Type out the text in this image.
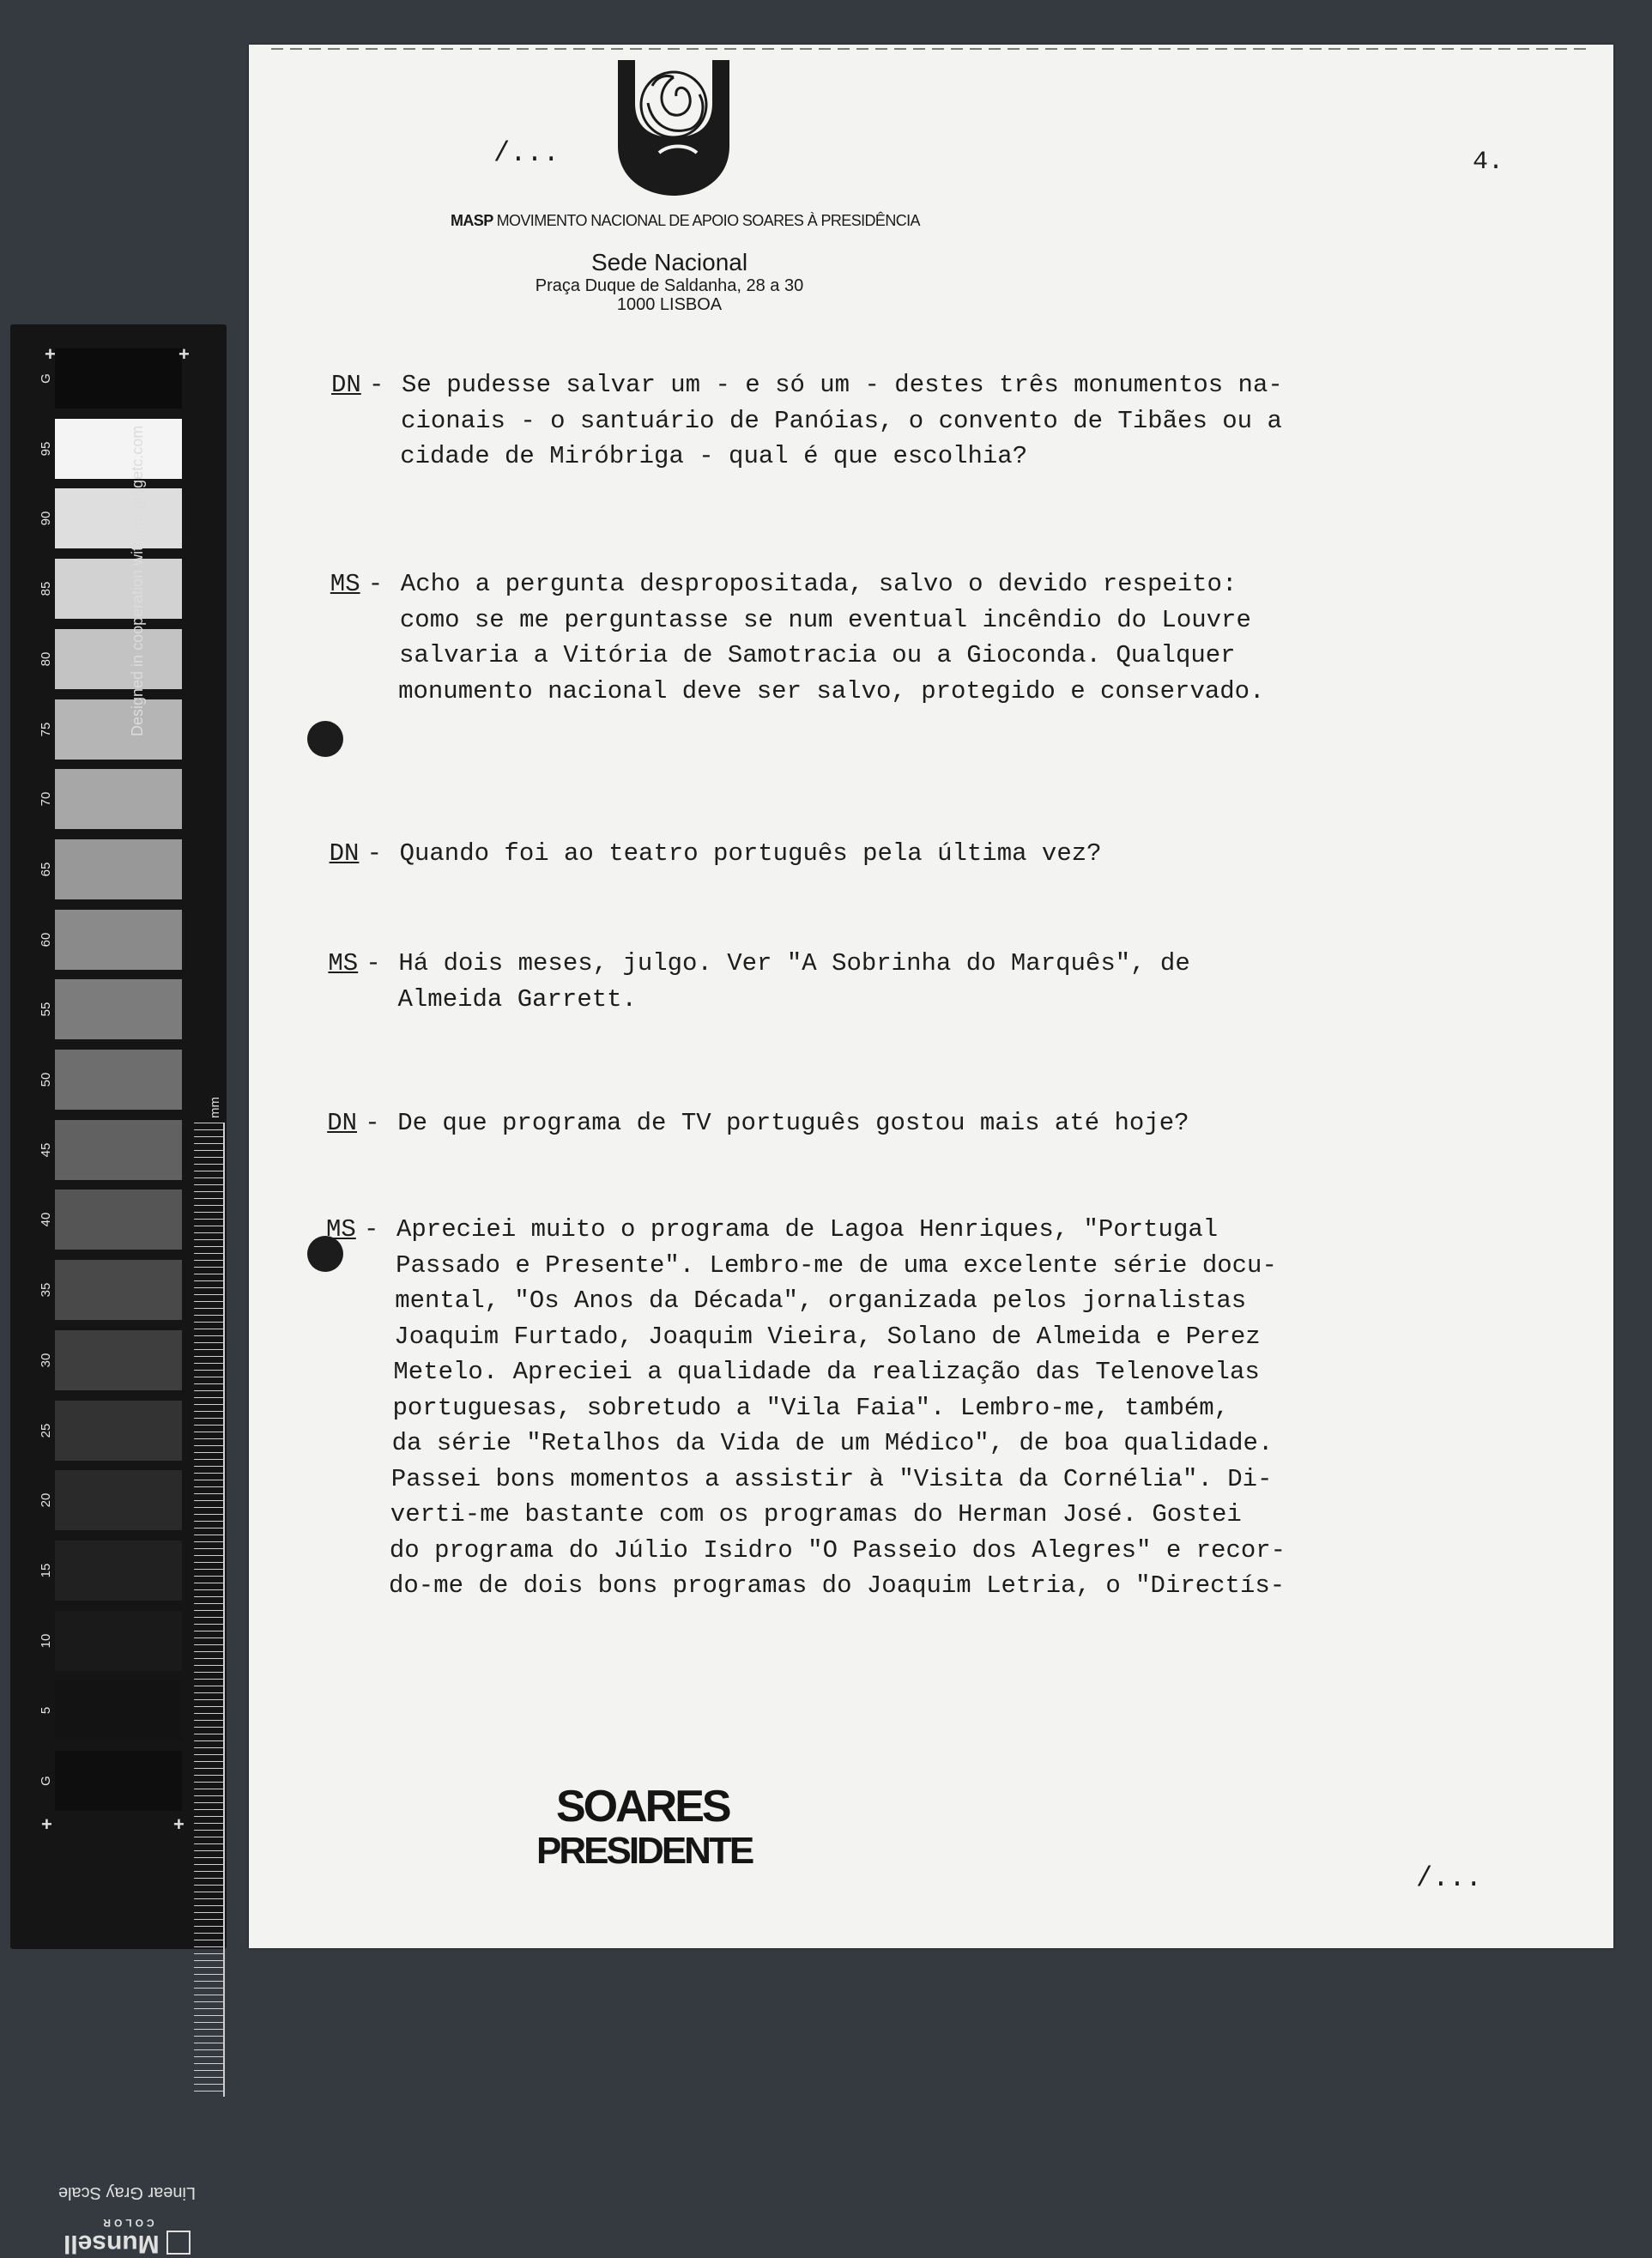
G
95
90
85
80
75
70
65
60
55
50
45
40
35
30
25
20
15
10
5
G
Designed in cooperation with imagingetc.com
mm
+	+
+	+
Linear Gray Scale
Munsell
COLOR
/...	4.
MASP MOVIMENTO NACIONAL DE APOIO SOARES À PRESIDÊNCIA
Sede Nacional
Praça Duque de Saldanha, 28 a 30
1000 LISBOA
DN - Se pudesse salvar um - e só um - destes três monumentos na-
cionais - o santuário de Panóias, o convento de Tibães ou a
cidade de Miróbriga - qual é que escolhia?
MS - Acho a pergunta despropositada, salvo o devido respeito:
como se me perguntasse se num eventual incêndio do Louvre
salvaria a Vitória de Samotracia ou a Gioconda. Qualquer
monumento nacional deve ser salvo, protegido e conservado.
DN - Quando foi ao teatro português pela última vez?
MS - Há dois meses, julgo. Ver "A Sobrinha do Marquês", de
Almeida Garrett.
DN - De que programa de TV português gostou mais até hoje?
MS - Apreciei muito o programa de Lagoa Henriques, "Portugal
Passado e Presente". Lembro-me de uma excelente série docu-
mental, "Os Anos da Década", organizada pelos jornalistas
Joaquim Furtado, Joaquim Vieira, Solano de Almeida e Perez
Metelo. Apreciei a qualidade da realização das Telenovelas
portuguesas, sobretudo a "Vila Faia". Lembro-me, também,
da série "Retalhos da Vida de um Médico", de boa qualidade.
Passei bons momentos a assistir à "Visita da Cornélia". Di-
verti-me bastante com os programas do Herman José. Gostei
do programa do Júlio Isidro "O Passeio dos Alegres" e recor-
do-me de dois bons programas do Joaquim Letria, o "Directís-
SOARES
PRESIDENTE
/...
